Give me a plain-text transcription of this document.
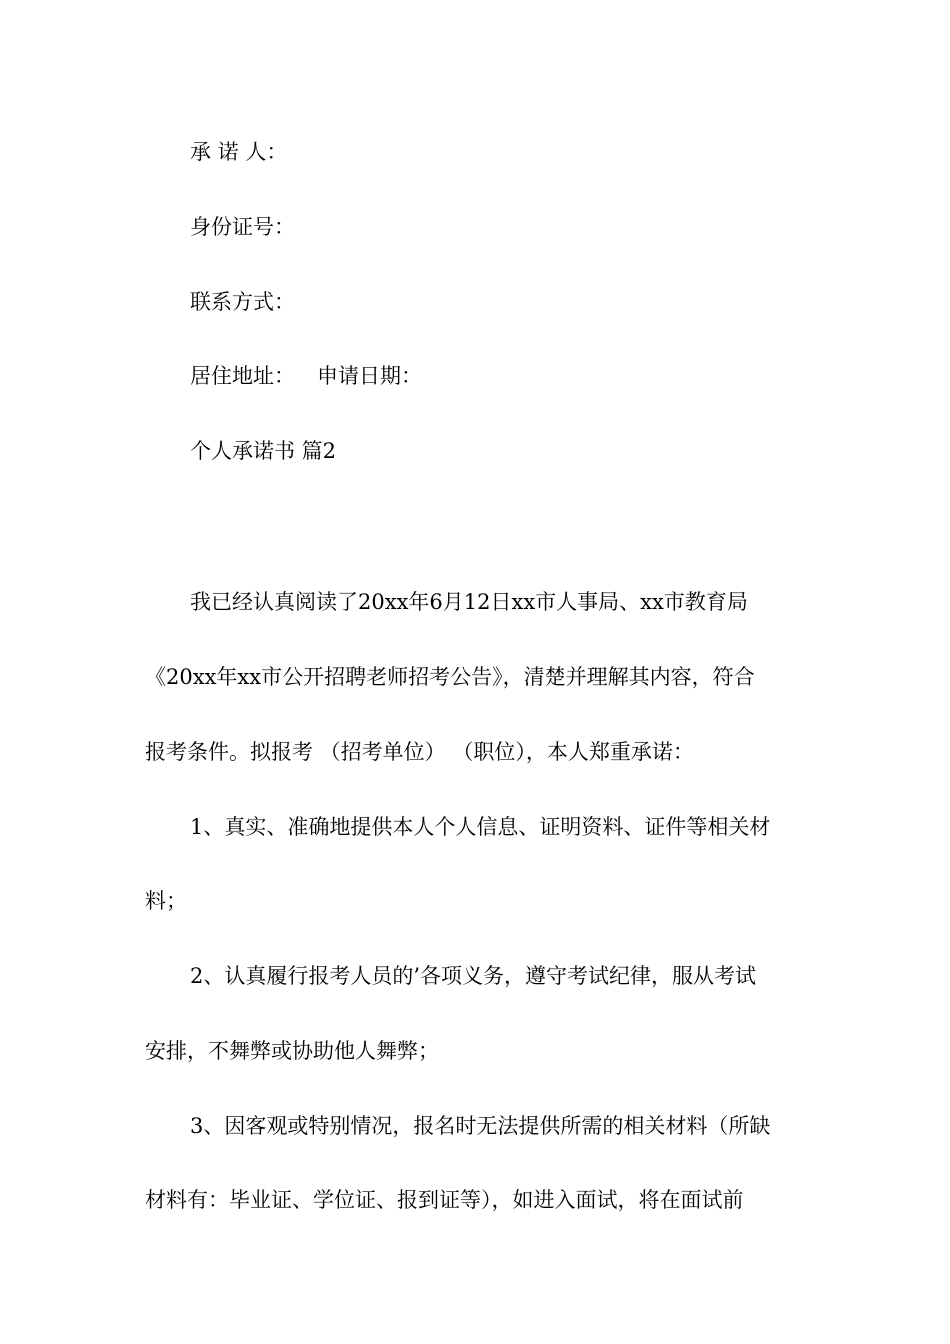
承 诺 人：
身份证号：
联系方式：
居住地址： 申请日期：
个人承诺书 篇2
我已经认真阅读了20xx年6月12日xx市人事局、xx市教育局
《20xx年xx市公开招聘老师招考公告》，清楚并理解其内容，符合
报考条件。拟报考 （招考单位） （职位），本人郑重承诺：
1、真实、准确地提供本人个人信息、证明资料、证件等相关材
料；
2、认真履行报考人员的’各项义务，遵守考试纪律，服从考试
安排，不舞弊或协助他人舞弊；
3、因客观或特别情况，报名时无法提供所需的相关材料（所缺
材料有：毕业证、学位证、报到证等），如进入面试，将在面试前
